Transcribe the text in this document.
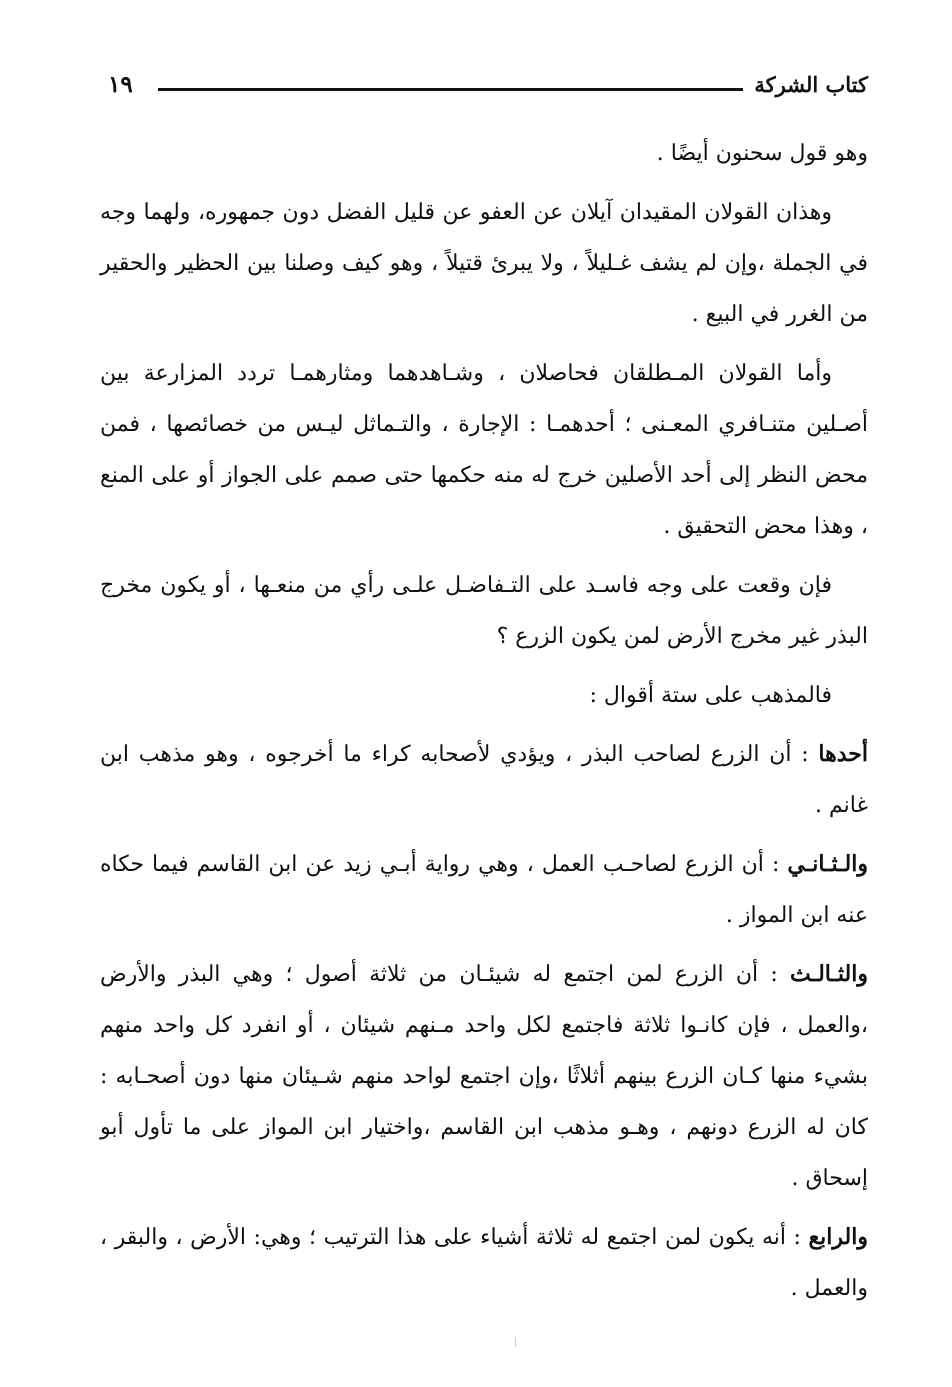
كتاب الشركة
١٩

وهو قول سحنون أيضًا .

وهذان القولان المقيدان آيلان عن العفو عن قليل الفضل دون جمهوره، ولهما وجه في الجملة ،وإن لم يشف غـليلاً ، ولا يبرئ قتيلاً ، وهو كيف وصلنا بين الحظير والحقير من الغرر في البيع .

وأما القولان المـطلقان فحاصلان ، وشـاهدهما ومثارهمـا تردد المزارعة بين أصـلين متنـافري المعـنى ؛ أحدهمـا : الإجارة ، والتـماثل ليـس من خصائصها ، فمن محض النظر إلى أحد الأصلين خرج له منه حكمها حتى صمم على الجواز أو على المنع ، وهذا محض التحقيق .

فإن وقعت على وجه فاسـد على التـفاضـل علـى رأي من منعـها ، أو يكون مخرج البذر غير مخرج الأرض لمن يكون الزرع ؟

فالمذهب على ستة أقوال :

أحدها : أن الزرع لصاحب البذر ، ويؤدي لأصحابه كراء ما أخرجوه ، وهو مذهب ابن غانم .

والـثـانـي : أن الزرع لصاحـب العمل ، وهي رواية أبـي زيد عن ابن القاسم فيما حكاه عنه ابن المواز .

والثـالـث : أن الزرع لمن اجتمع له شيئـان من ثلاثة أصول ؛ وهي البذر والأرض ،والعمل ، فإن كانـوا ثلاثة فاجتمع لكل واحد مـنهم شيئان ، أو انفرد كل واحد منهم بشيء منها كـان الزرع بينهم أثلاثًا ،وإن اجتمع لواحد منهم شـيئان منها دون أصحـابه : كان له الزرع دونهم ، وهـو مذهب ابن القاسم ،واختيار ابن المواز على ما تأول أبو إسحاق .

والرابع : أنه يكون لمن اجتمع له ثلاثة أشياء على هذا الترتيب ؛ وهي: الأرض ، والبقر ، والعمل .
